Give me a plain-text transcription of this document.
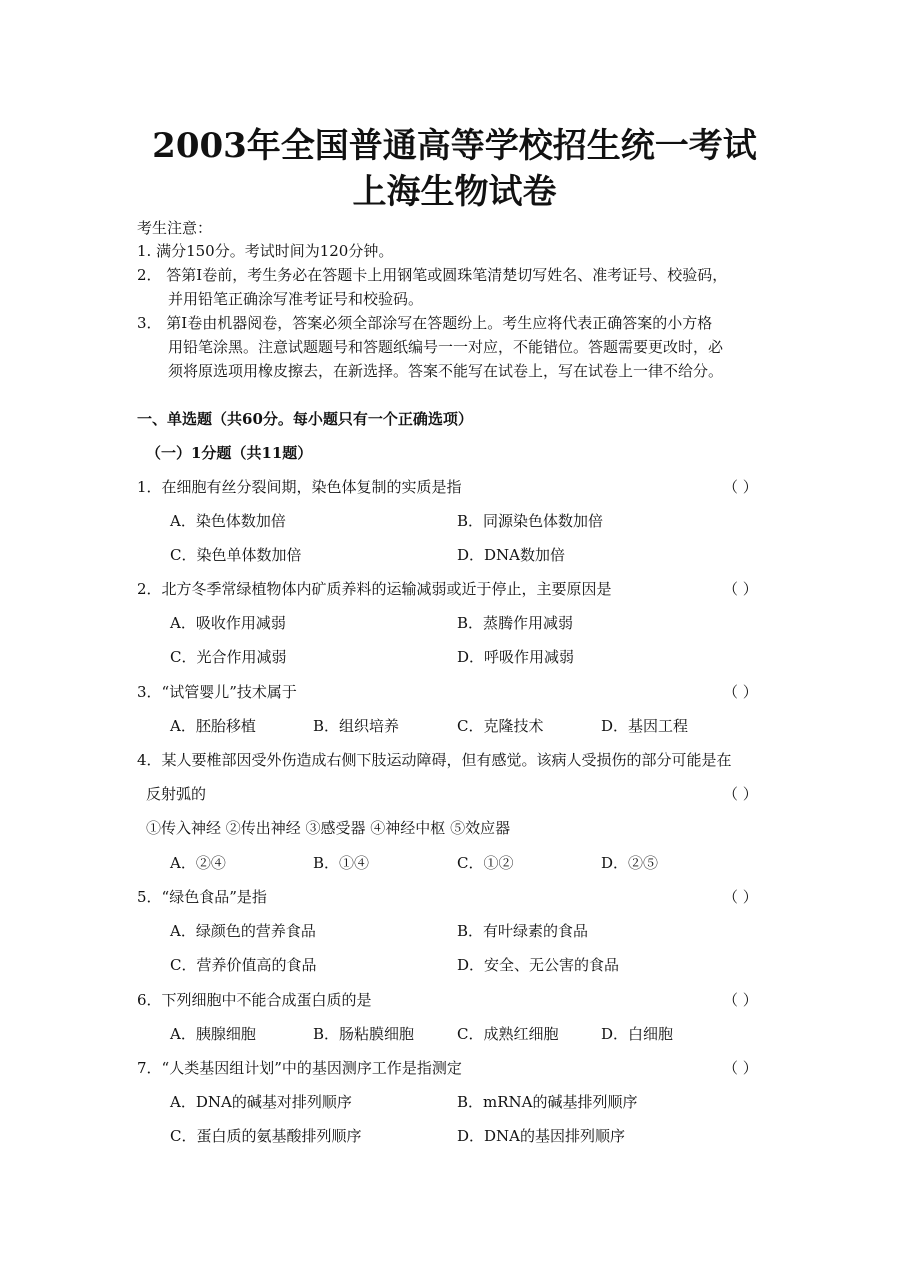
2003年全国普通高等学校招生统一考试
上海生物试卷
考生注意：
1. 满分150分。考试时间为120分钟。
2． 答第Ⅰ卷前，考生务必在答题卡上用钢笔或圆珠笔清楚切写姓名、准考证号、校验码，
并用铅笔正确涂写准考证号和校验码。
3． 第Ⅰ卷由机器阅卷，答案必须全部涂写在答题纷上。考生应将代表正确答案的小方格
用铅笔涂黑。注意试题题号和答题纸编号一一对应，不能错位。答题需要更改时，必
须将原选项用橡皮擦去，在新选择。答案不能写在试卷上，写在试卷上一律不给分。
一、单选题（共60分。每小题只有一个正确选项）
（一）1分题（共11题）
1．在细胞有丝分裂间期，染色体复制的实质是指	（ ）
A．染色体数加倍	B．同源染色体数加倍
C．染色单体数加倍	D．DNA数加倍
2．北方冬季常绿植物体内矿质养料的运输减弱或近于停止，主要原因是	（ ）
A．吸收作用减弱	B．蒸腾作用减弱
C．光合作用减弱	D．呼吸作用减弱
3．“试管婴儿”技术属于	（ ）
A．胚胎移植	B．组织培养	C．克隆技术	D．基因工程
4．某人要椎部因受外伤造成右侧下肢运动障碍，但有感觉。该病人受损伤的部分可能是在
反射弧的	（ ）
①传入神经 ②传出神经 ③感受器 ④神经中枢 ⑤效应器
A．②④	B．①④	C．①②	D．②⑤
5．“绿色食品”是指	（ ）
A．绿颜色的营养食品	B．有叶绿素的食品
C．营养价值高的食品	D．安全、无公害的食品
6．下列细胞中不能合成蛋白质的是	（ ）
A．胰腺细胞	B．肠粘膜细胞	C．成熟红细胞	D．白细胞
7．“人类基因组计划”中的基因测序工作是指测定	（ ）
A．DNA的碱基对排列顺序	B．mRNA的碱基排列顺序
C．蛋白质的氨基酸排列顺序	D．DNA的基因排列顺序
